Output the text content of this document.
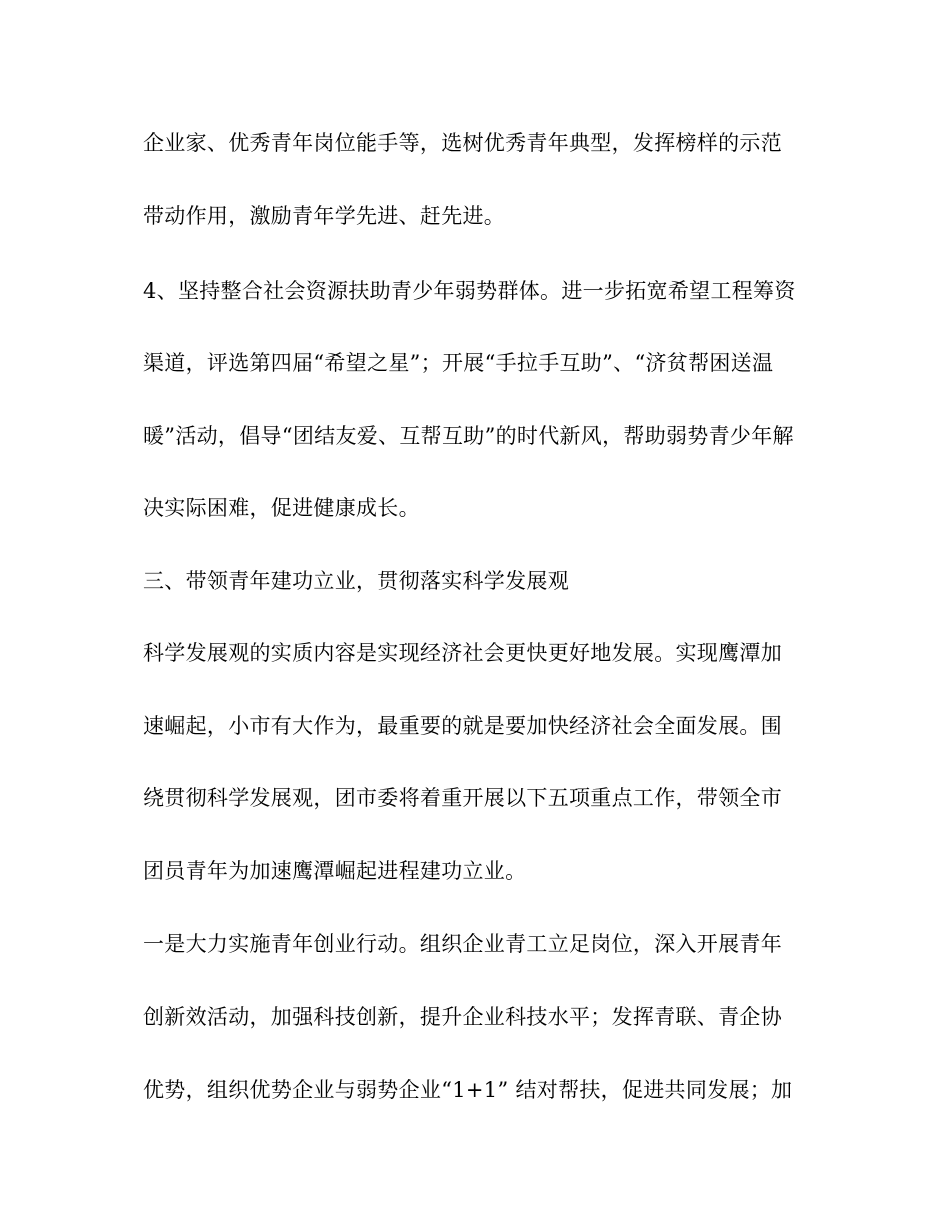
企业家、优秀青年岗位能手等，选树优秀青年典型，发挥榜样的示范
带动作用，激励青年学先进、赶先进。
4、坚持整合社会资源扶助青少年弱势群体。进一步拓宽希望工程筹资
渠道，评选第四届“希望之星”；开展“手拉手互助”、“济贫帮困送温
暖”活动，倡导“团结友爱、互帮互助”的时代新风，帮助弱势青少年解
决实际困难，促进健康成长。
三、带领青年建功立业，贯彻落实科学发展观
科学发展观的实质内容是实现经济社会更快更好地发展。实现鹰潭加
速崛起，小市有大作为，最重要的就是要加快经济社会全面发展。围
绕贯彻科学发展观，团市委将着重开展以下五项重点工作，带领全市
团员青年为加速鹰潭崛起进程建功立业。
一是大力实施青年创业行动。组织企业青工立足岗位，深入开展青年
创新效活动，加强科技创新，提升企业科技水平；发挥青联、青企协
优势，组织优势企业与弱势企业“1+1” 结对帮扶，促进共同发展；加
